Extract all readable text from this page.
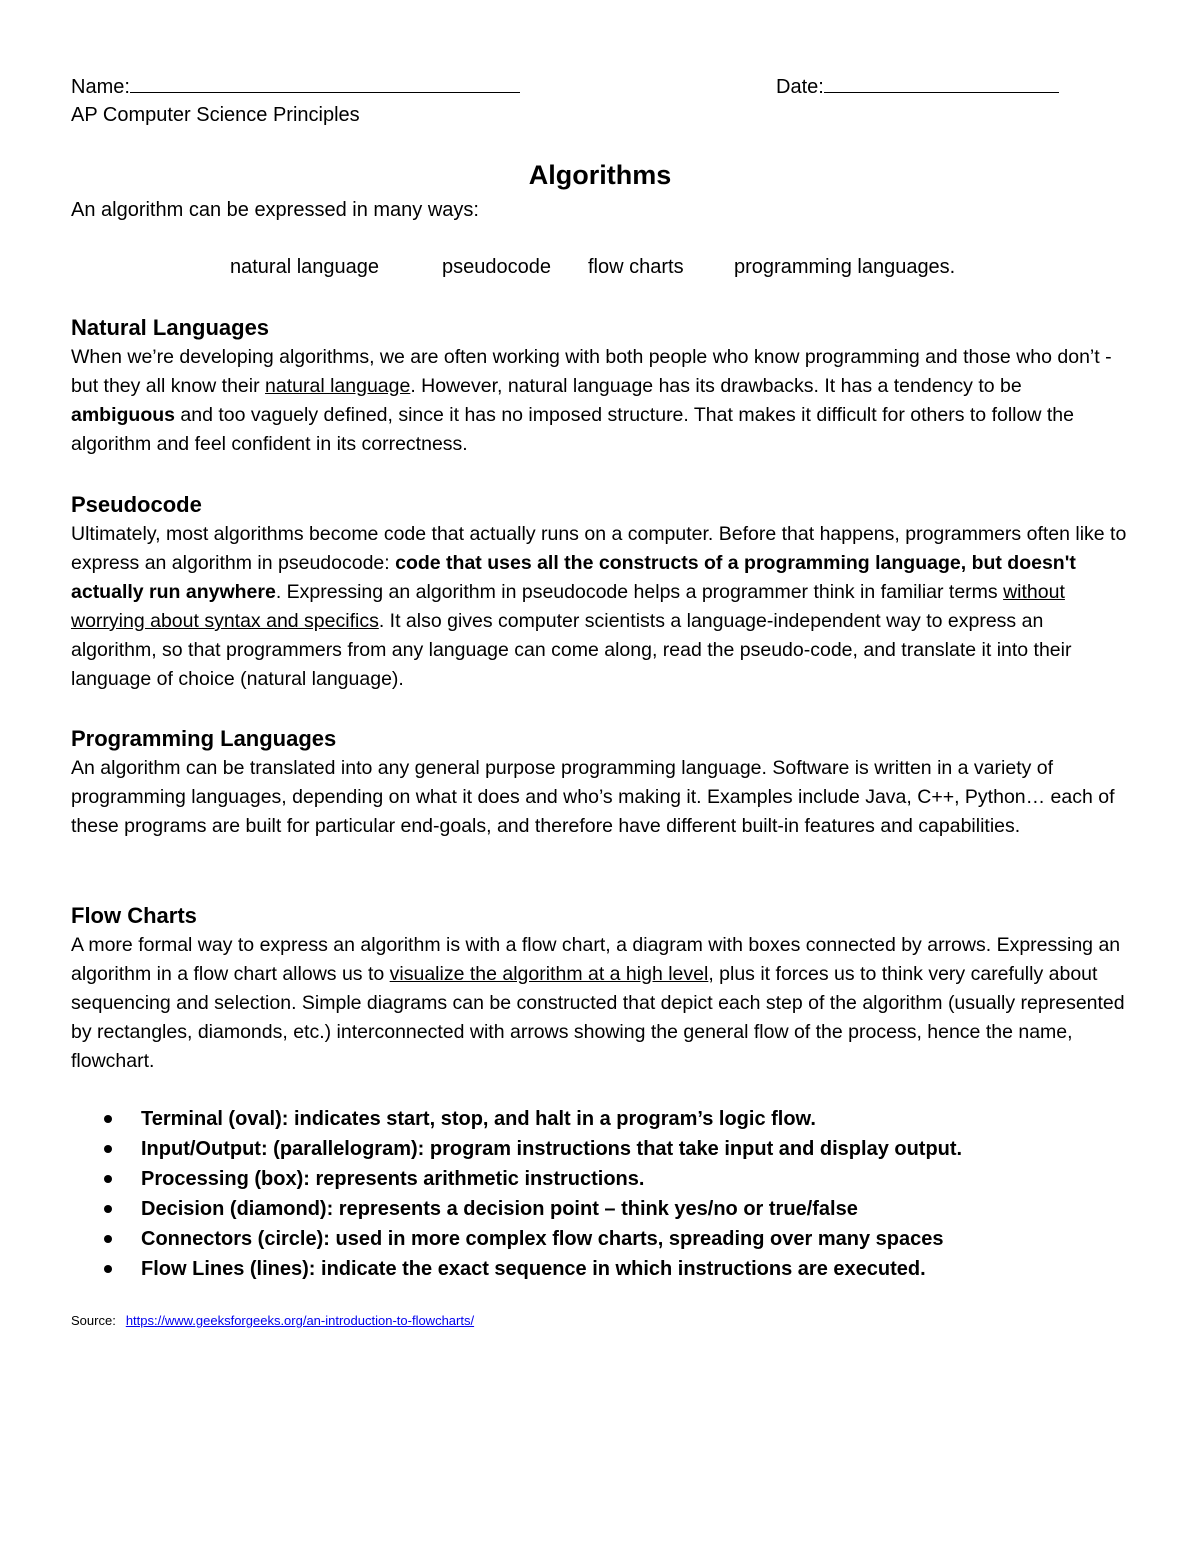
Name:	Date:
AP Computer Science Principles
Algorithms
An algorithm can be expressed in many ways:
natural language	pseudocode flow charts	programming languages.
Natural Languages

When we’re developing algorithms, we are often working with both people who know programming and those who don’t - but they all know their natural language. However, natural language has its drawbacks. It has a tendency to be ambiguous and too vaguely defined, since it has no imposed structure. That makes it difficult for others to follow the algorithm and feel confident in its correctness.

Pseudocode

Ultimately, most algorithms become code that actually runs on a computer. Before that happens, programmers often like to express an algorithm in pseudocode: code that uses all the constructs of a programming language, but doesn't actually run anywhere. Expressing an algorithm in pseudocode helps a programmer think in familiar terms without worrying about syntax and specifics. It also gives computer scientists a language-independent way to express an algorithm, so that programmers from any language can come along, read the pseudo-code, and translate it into their language of choice (natural language).

Programming Languages

An algorithm can be translated into any general purpose programming language. Software is written in a variety of programming languages, depending on what it does and who’s making it. Examples include Java, C++, Python… each of these programs are built for particular end-goals, and therefore have different built-in features and capabilities.

Flow Charts

A more formal way to express an algorithm is with a flow chart, a diagram with boxes connected by arrows. Expressing an algorithm in a flow chart allows us to visualize the algorithm at a high level, plus it forces us to think very carefully about sequencing and selection. Simple diagrams can be constructed that depict each step of the algorithm (usually represented by rectangles, diamonds, etc.) interconnected with arrows showing the general flow of the process, hence the name, flowchart.

Terminal (oval): indicates start, stop, and halt in a program’s logic flow.
Input/Output: (parallelogram): program instructions that take input and display output.
Processing (box): represents arithmetic instructions.
Decision (diamond): represents a decision point – think yes/no or true/false
Connectors (circle): used in more complex flow charts, spreading over many spaces
Flow Lines (lines): indicate the exact sequence in which instructions are executed.
Source: https://www.geeksforgeeks.org/an-introduction-to-flowcharts/
